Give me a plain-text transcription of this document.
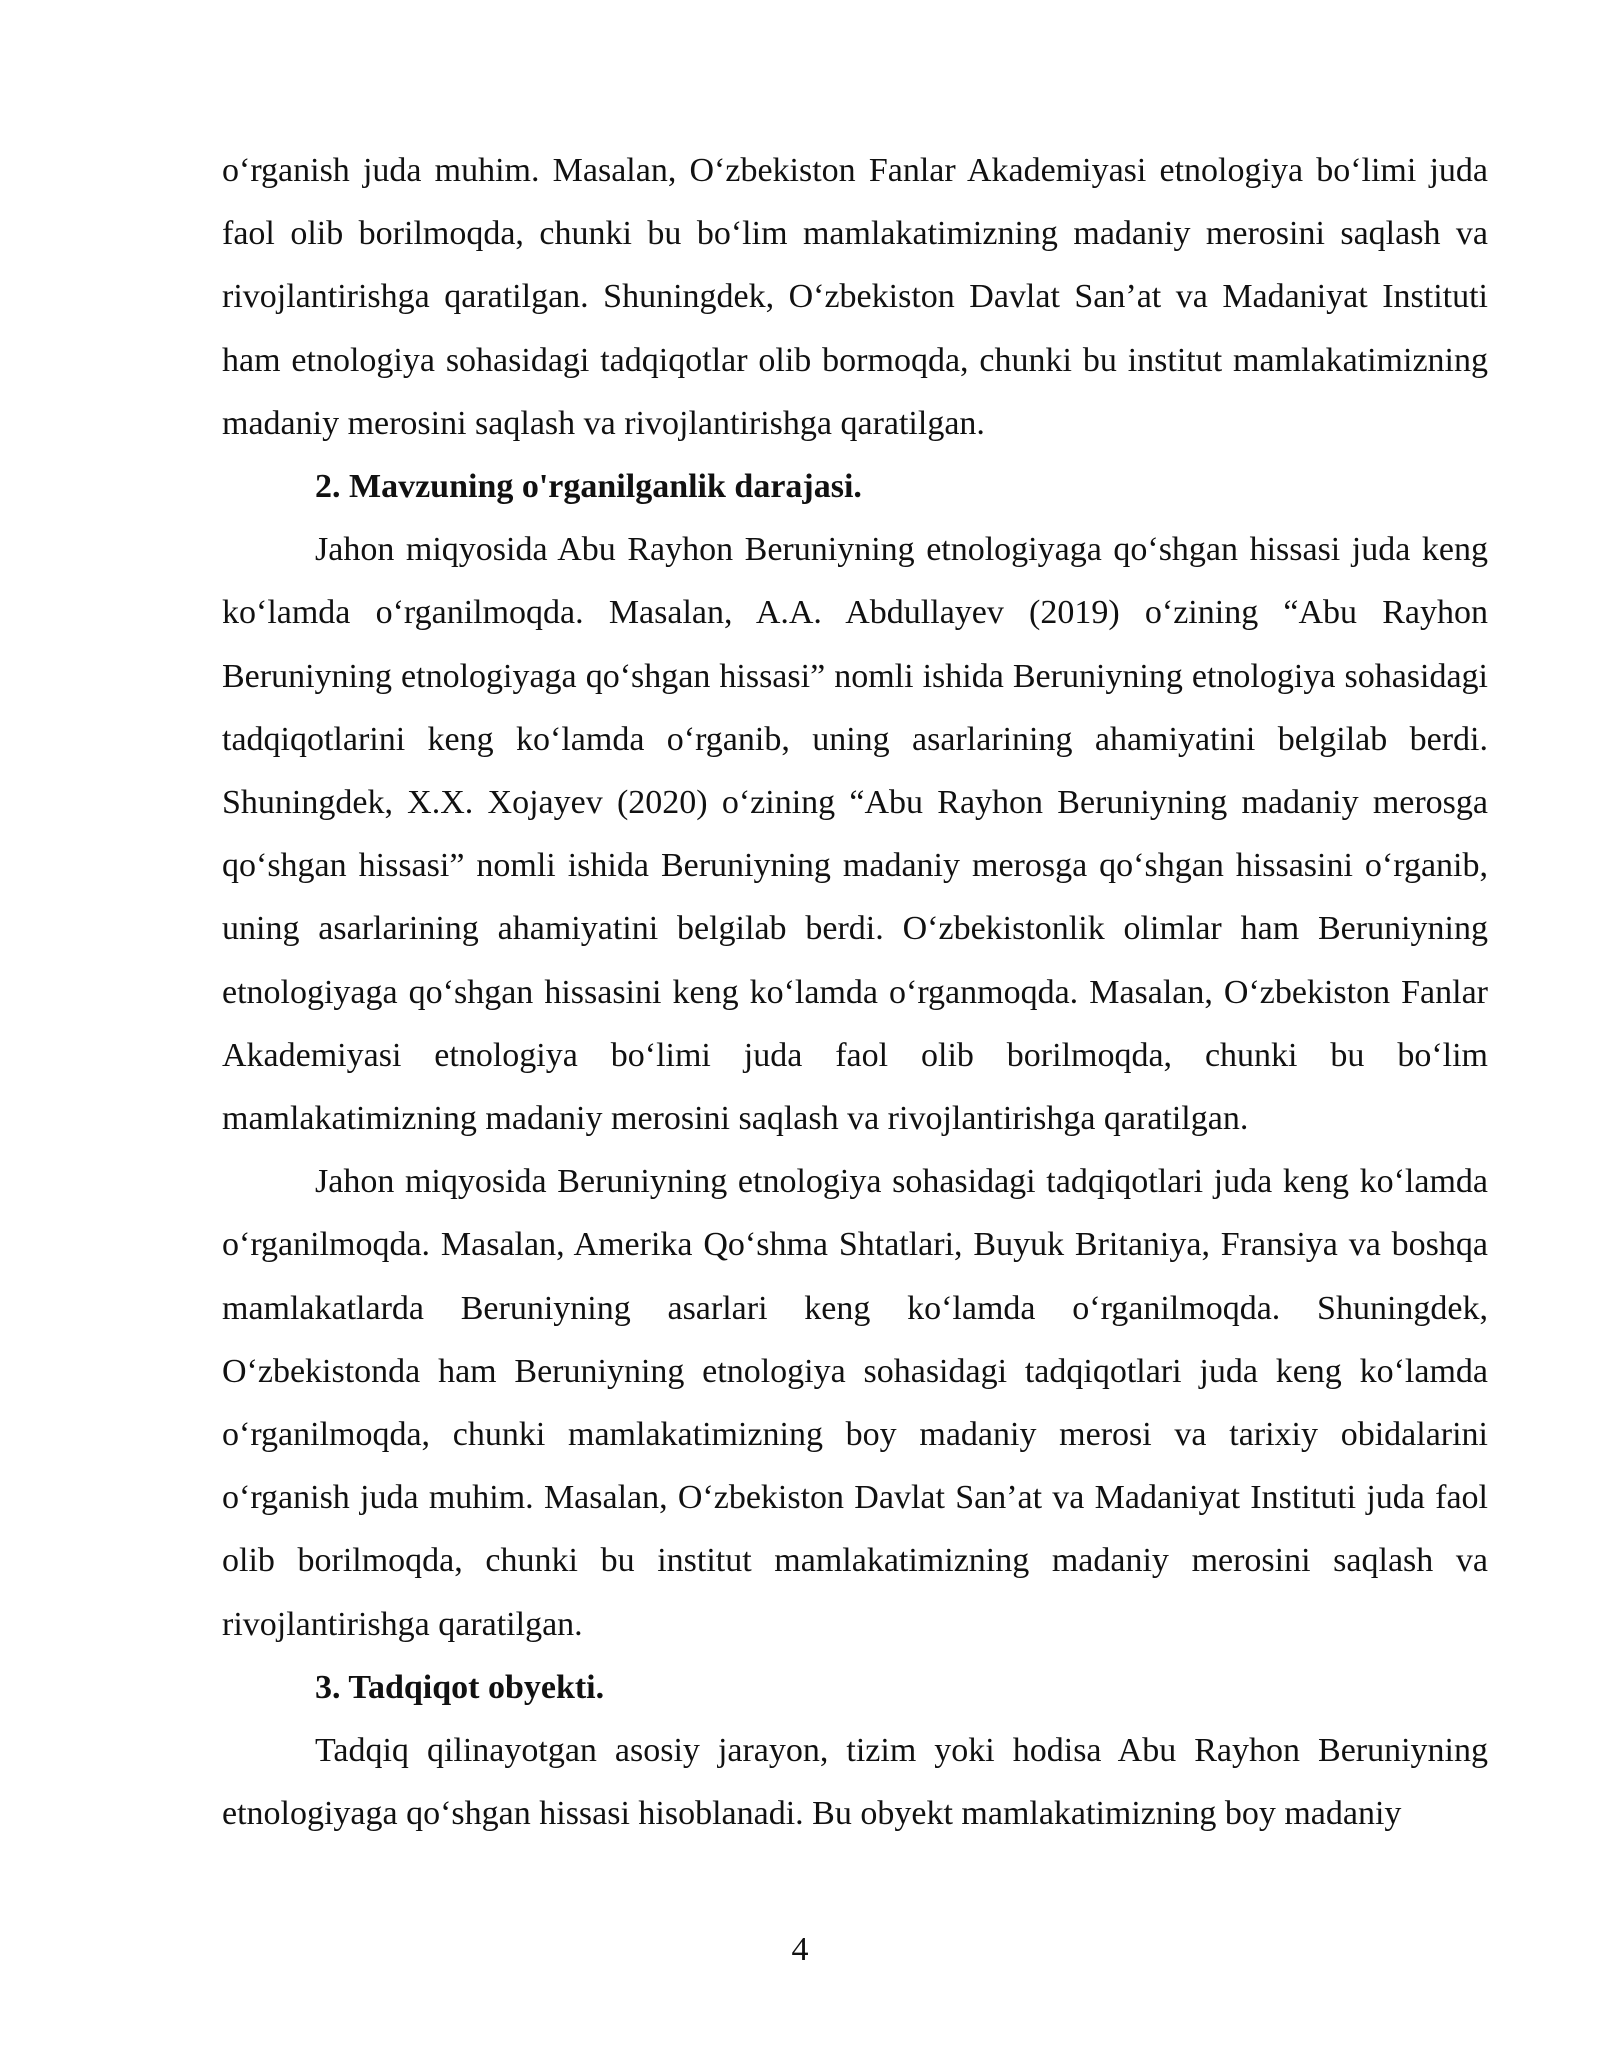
o‘rganish juda muhim. Masalan, O‘zbekiston Fanlar Akademiyasi etnologiya bo‘limi juda faol olib borilmoqda, chunki bu bo‘lim mamlakatimizning madaniy merosini saqlash va rivojlantirishga qaratilgan. Shuningdek, O‘zbekiston Davlat San’at va Madaniyat Instituti ham etnologiya sohasidagi tadqiqotlar olib bormoqda, chunki bu institut mamlakatimizning madaniy merosini saqlash va rivojlantirishga qaratilgan.

2. Mavzuning o'rganilganlik darajasi.

Jahon miqyosida Abu Rayhon Beruniyning etnologiyaga qo‘shgan hissasi juda keng ko‘lamda o‘rganilmoqda. Masalan, A.A. Abdullayev (2019) o‘zining “Abu Rayhon Beruniyning etnologiyaga qo‘shgan hissasi” nomli ishida Beruniyning etnologiya sohasidagi tadqiqotlarini keng ko‘lamda o‘rganib, uning asarlarining ahamiyatini belgilab berdi. Shuningdek, X.X. Xojayev (2020) o‘zining “Abu Rayhon Beruniyning madaniy merosga qo‘shgan hissasi” nomli ishida Beruniyning madaniy merosga qo‘shgan hissasini o‘rganib, uning asarlarining ahamiyatini belgilab berdi. O‘zbekistonlik olimlar ham Beruniyning etnologiyaga qo‘shgan hissasini keng ko‘lamda o‘rganmoqda. Masalan, O‘zbekiston Fanlar Akademiyasi etnologiya bo‘limi juda faol olib borilmoqda, chunki bu bo‘lim mamlakatimizning madaniy merosini saqlash va rivojlantirishga qaratilgan.

Jahon miqyosida Beruniyning etnologiya sohasidagi tadqiqotlari juda keng ko‘lamda o‘rganilmoqda. Masalan, Amerika Qo‘shma Shtatlari, Buyuk Britaniya, Fransiya va boshqa mamlakatlarda Beruniyning asarlari keng ko‘lamda o‘rganilmoqda. Shuningdek, O‘zbekistonda ham Beruniyning etnologiya sohasidagi tadqiqotlari juda keng ko‘lamda o‘rganilmoqda, chunki mamlakatimizning boy madaniy merosi va tarixiy obidalarini o‘rganish juda muhim. Masalan, O‘zbekiston Davlat San’at va Madaniyat Instituti juda faol olib borilmoqda, chunki bu institut mamlakatimizning madaniy merosini saqlash va rivojlantirishga qaratilgan.

3. Tadqiqot obyekti.

Tadqiq qilinayotgan asosiy jarayon, tizim yoki hodisa Abu Rayhon Beruniyning etnologiyaga qo‘shgan hissasi hisoblanadi. Bu obyekt mamlakatimizning boy madaniy

4
